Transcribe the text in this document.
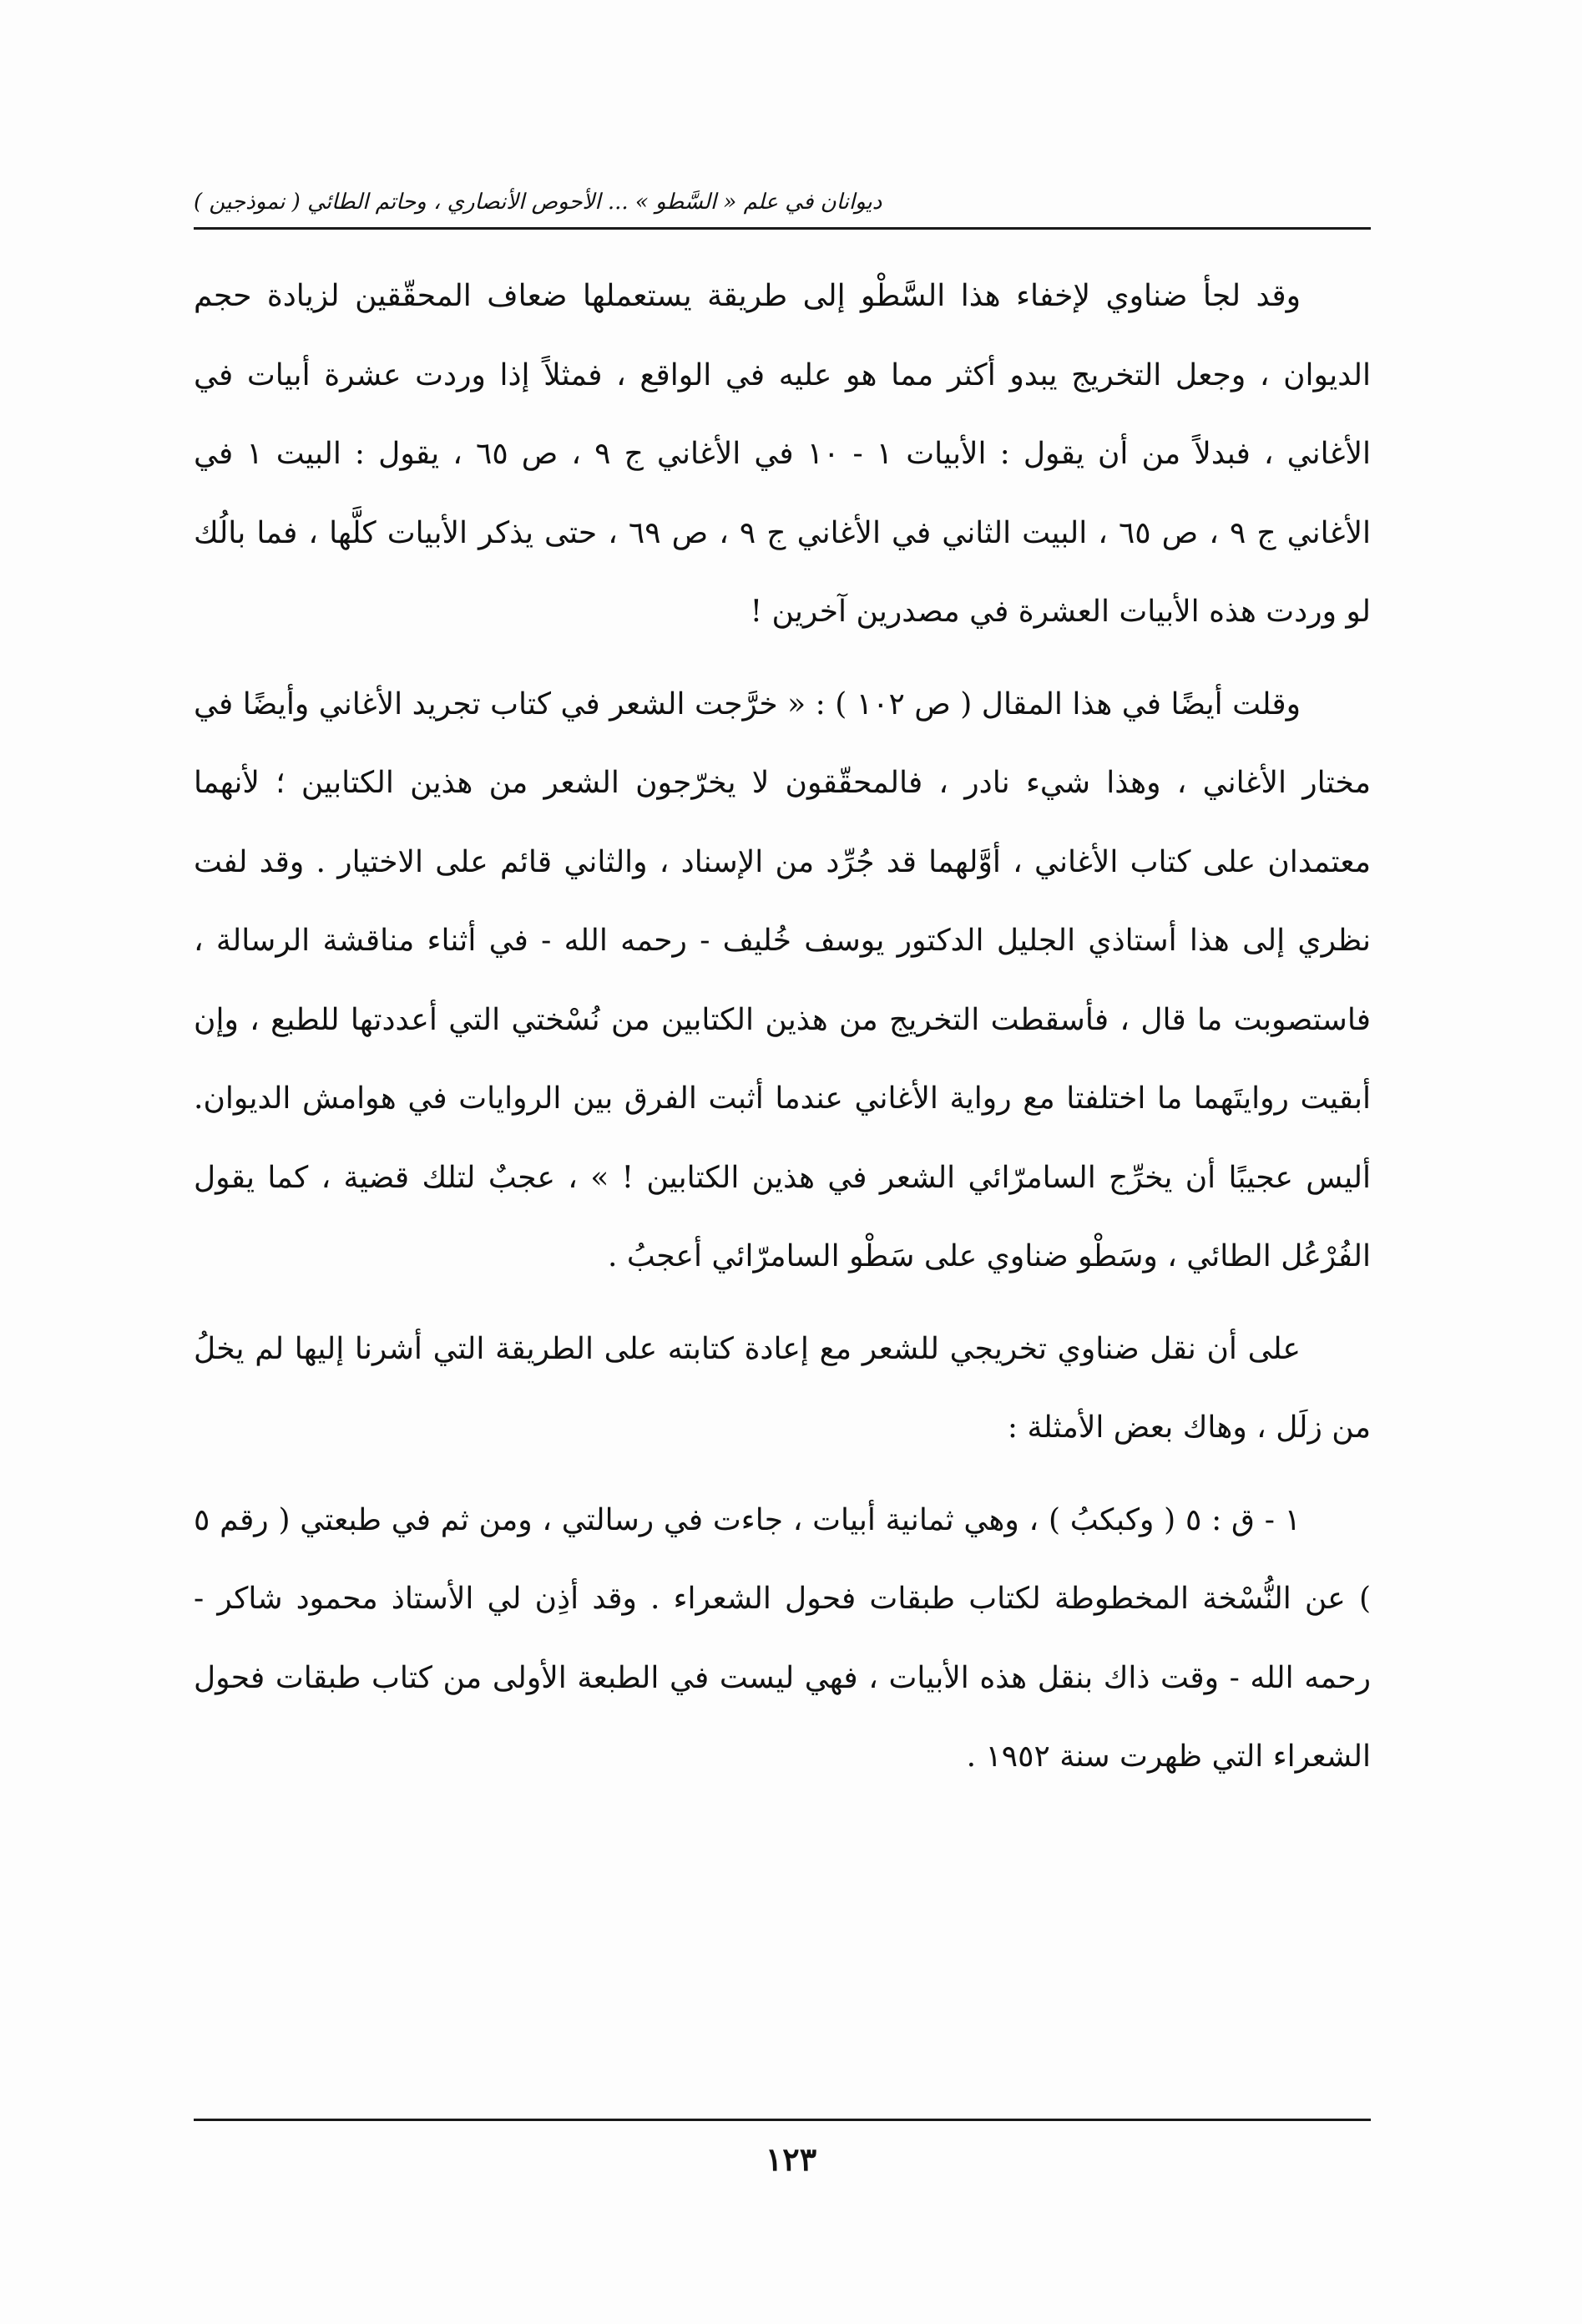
ديوانان في علم « السَّطو » ... الأحوص الأنصاري ، وحاتم الطائي ( نموذجين )

وقد لجأ ضناوي لإخفاء هذا السَّطْو إلى طريقة يستعملها ضعاف المحقّقين لزيادة حجم الديوان ، وجعل التخريج يبدو أكثر مما هو عليه في الواقع ، فمثلاً إذا وردت عشرة أبيات في الأغاني ، فبدلاً من أن يقول : الأبيات ١ - ١٠ في الأغاني ج ٩ ، ص ٦٥ ، يقول : البيت ١ في الأغاني ج ٩ ، ص ٦٥ ، البيت الثاني في الأغاني ج ٩ ، ص ٦٩ ، حتى يذكر الأبيات كلَّها ، فما بالُك لو وردت هذه الأبيات العشرة في مصدرين آخرين !

وقلت أيضًا في هذا المقال ( ص ١٠٢ ) : « خرَّجت الشعر في كتاب تجريد الأغاني وأيضًا في مختار الأغاني ، وهذا شيء نادر ، فالمحقّقون لا يخرّجون الشعر من هذين الكتابين ؛ لأنهما معتمدان على كتاب الأغاني ، أوَّلهما قد جُرِّد من الإسناد ، والثاني قائم على الاختيار . وقد لفت نظري إلى هذا أستاذي الجليل الدكتور يوسف خُليف - رحمه الله - في أثناء مناقشة الرسالة ، فاستصوبت ما قال ، فأسقطت التخريج من هذين الكتابين من نُسْختي التي أعددتها للطبع ، وإن أبقيت روايتَهما ما اختلفتا مع رواية الأغاني عندما أثبت الفرق بين الروايات في هوامش الديوان. أليس عجيبًا أن يخرِّج السامرّائي الشعر في هذين الكتابين ! » ، عجبٌ لتلك قضية ، كما يقول الفُرْعُل الطائي ، وسَطْو ضناوي على سَطْو السامرّائي أعجبُ .

على أن نقل ضناوي تخريجي للشعر مع إعادة كتابته على الطريقة التي أشرنا إليها لم يخلُ من زلَل ، وهاك بعض الأمثلة :

١ - ق : ٥ ( وكبكبُ ) ، وهي ثمانية أبيات ، جاءت في رسالتي ، ومن ثم في طبعتي ( رقم ٥ ) عن النُّسْخة المخطوطة لكتاب طبقات فحول الشعراء . وقد أذِن لي الأستاذ محمود شاكر - رحمه الله - وقت ذاك بنقل هذه الأبيات ، فهي ليست في الطبعة الأولى من كتاب طبقات فحول الشعراء التي ظهرت سنة ١٩٥٢ .

١٢٣
